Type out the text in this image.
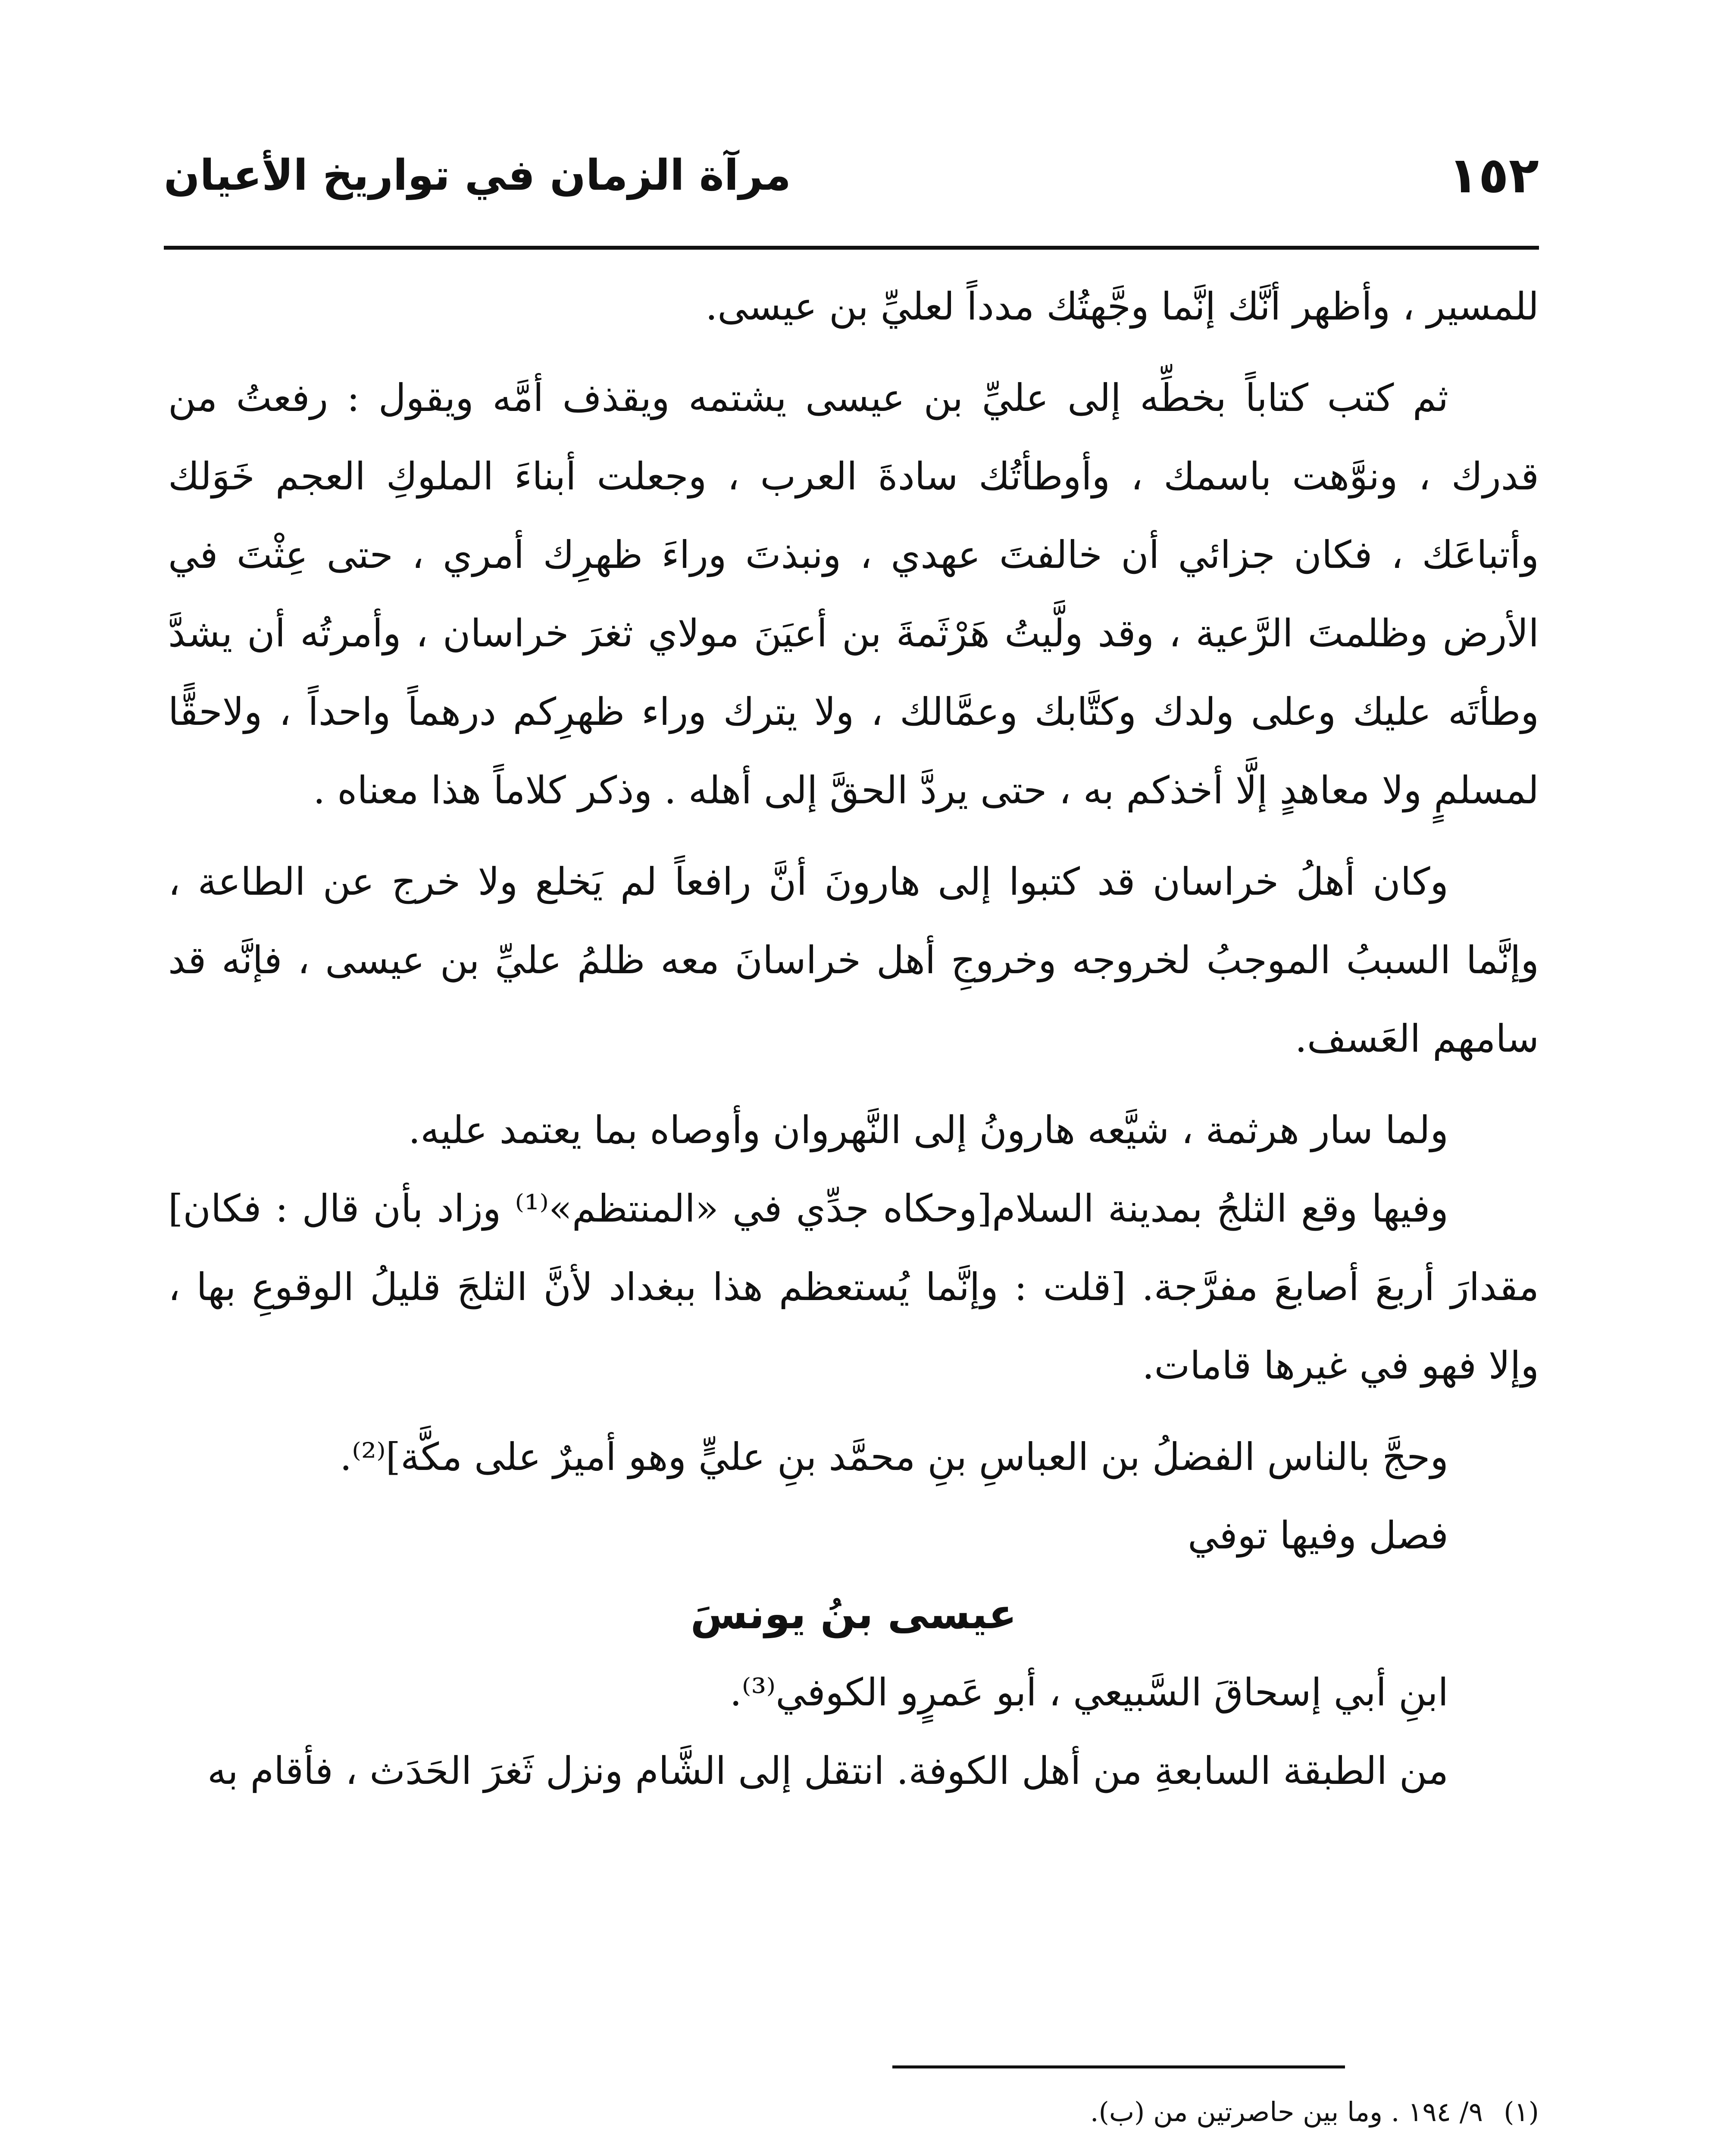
١٥٢
مرآة الزمان في تواريخ الأعيان

للمسير ، وأظهر أنَّك إنَّما وجَّهتُك مدداً لعليِّ بن عيسى.

ثم كتب كتاباً بخطِّه إلى عليِّ بن عيسى يشتمه ويقذف أمَّه ويقول : رفعتُ من قدرك ، ونوَّهت باسمك ، وأوطأتُك سادةَ العرب ، وجعلت أبناءَ الملوكِ العجم خَوَلك وأتباعَك ، فكان جزائي أن خالفتَ عهدي ، ونبذتَ وراءَ ظهرِك أمري ، حتى عِثْتَ في الأرض وظلمتَ الرَّعية ، وقد ولَّيتُ هَرْثَمةَ بن أعيَنَ مولاي ثغرَ خراسان ، وأمرتُه أن يشدَّ وطأتَه عليك وعلى ولدك وكتَّابك وعمَّالك ، ولا يترك وراء ظهرِكم درهماً واحداً ، ولاحقًّا لمسلمٍ ولا معاهدٍ إلَّا أخذكم به ، حتى يردَّ الحقَّ إلى أهله . وذكر كلاماً هذا معناه .

وكان أهلُ خراسان قد كتبوا إلى هارونَ أنَّ رافعاً لم يَخلع ولا خرج عن الطاعة ، وإنَّما السببُ الموجبُ لخروجه وخروجِ أهل خراسانَ معه ظلمُ عليِّ بن عيسى ، فإنَّه قد سامهم العَسف.

ولما سار هرثمة ، شيَّعه هارونُ إلى النَّهروان وأوصاه بما يعتمد عليه.

وفيها وقع الثلجُ بمدينة السلام[وحكاه جدِّي في «المنتظم»⁽¹⁾ وزاد بأن قال : فكان] مقدارَ أربعَ أصابعَ مفرَّجة. [قلت : وإنَّما يُستعظم هذا ببغداد لأنَّ الثلجَ قليلُ الوقوعِ بها ، وإلا فهو في غيرها قامات.

وحجَّ بالناس الفضلُ بن العباسِ بنِ محمَّد بنِ عليٍّ وهو أميرٌ على مكَّة]⁽²⁾.

فصل وفيها توفي

عيسى بنُ يونسَ

ابنِ أبي إسحاقَ السَّبيعي ، أبو عَمرٍو الكوفي⁽³⁾.

من الطبقة السابعةِ من أهل الكوفة. انتقل إلى الشَّام ونزل ثَغرَ الحَدَث ، فأقام به

(١)
٩/ ١٩٤ . وما بين حاصرتين من (ب).
